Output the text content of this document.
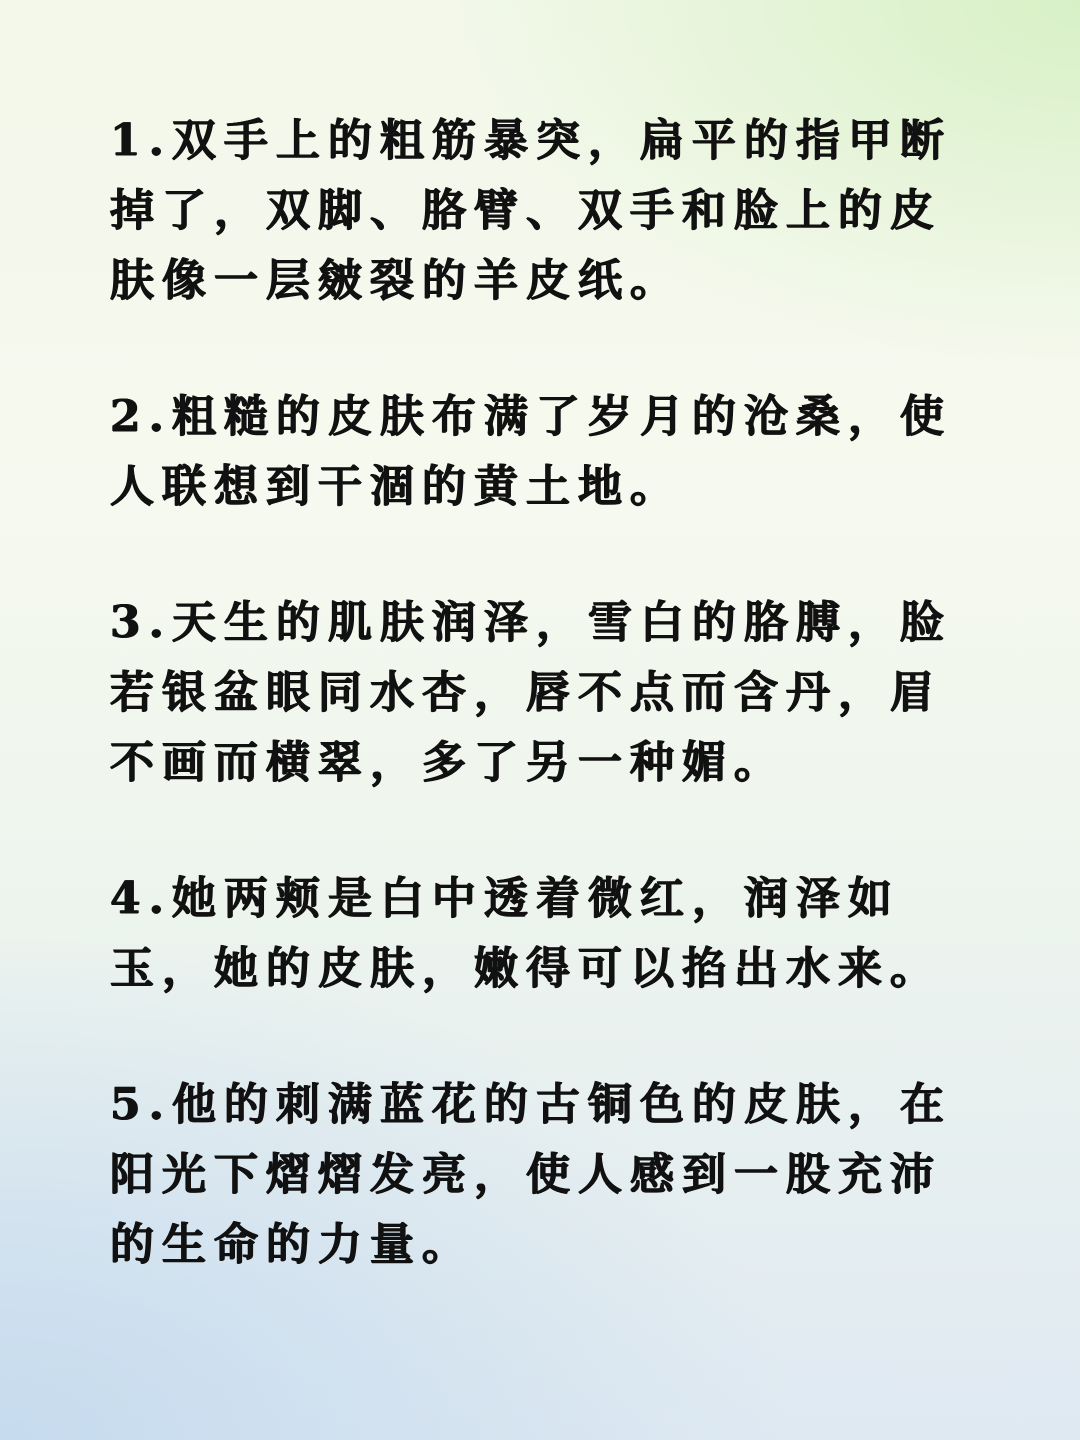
1.双手上的粗筋暴突，扁平的指甲断掉了，双脚、胳臂、双手和脸上的皮肤像一层皴裂的羊皮纸。

2.粗糙的皮肤布满了岁月的沧桑，使人联想到干涸的黄土地。

3.天生的肌肤润泽，雪白的胳膊，脸若银盆眼同水杏，唇不点而含丹，眉不画而横翠，多了另一种媚。

4.她两颊是白中透着微红，润泽如玉，她的皮肤，嫩得可以掐出水来。

5.他的刺满蓝花的古铜色的皮肤，在阳光下熠熠发亮，使人感到一股充沛的生命的力量。
